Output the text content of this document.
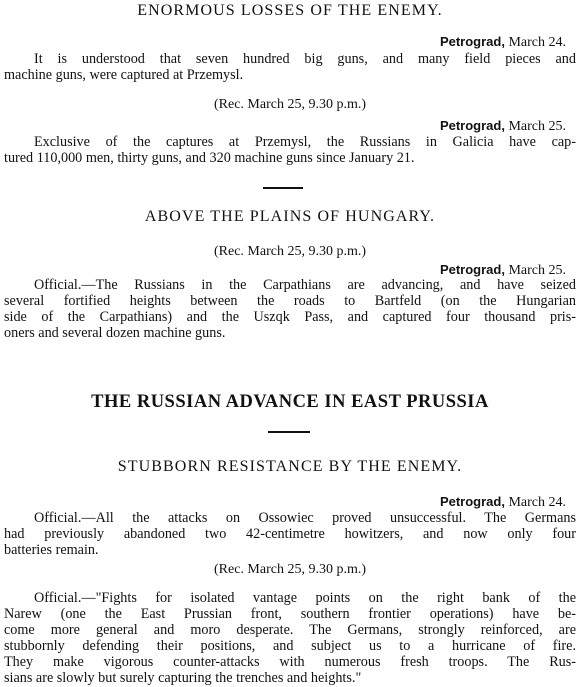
ENORMOUS LOSSES OF THE ENEMY.
Petrograd, March 24.
It is understood that seven hundred big guns, and many field pieces and
machine guns, were captured at Przemysl.
(Rec. March 25, 9.30 p.m.)
Petrograd, March 25.
Exclusive of the captures at Przemysl, the Russians in Galicia have cap-
tured 110,000 men, thirty guns, and 320 machine guns since January 21.
ABOVE THE PLAINS OF HUNGARY.
(Rec. March 25, 9.30 p.m.)
Petrograd, March 25.
Official.—The Russians in the Carpathians are advancing, and have seized
several fortified heights between the roads to Bartfeld (on the Hungarian
side of the Carpathians) and the Uszqk Pass, and captured four thousand pris-
oners and several dozen machine guns.
THE RUSSIAN ADVANCE IN EAST PRUSSIA
STUBBORN RESISTANCE BY THE ENEMY.
Petrograd, March 24.
Official.—All the attacks on Ossowiec proved unsuccessful. The Germans
had previously abandoned two 42-centimetre howitzers, and now only four
batteries remain.
(Rec. March 25, 9.30 p.m.)
Official.—"Fights for isolated vantage points on the right bank of the
Narew (one the East Prussian front, southern frontier operations) have be-
come more general and moro desperate. The Germans, strongly reinforced, are
stubbornly defending their positions, and subject us to a hurricane of fire.
They make vigorous counter-attacks with numerous fresh troops. The Rus-
sians are slowly but surely capturing the trenches and heights."
